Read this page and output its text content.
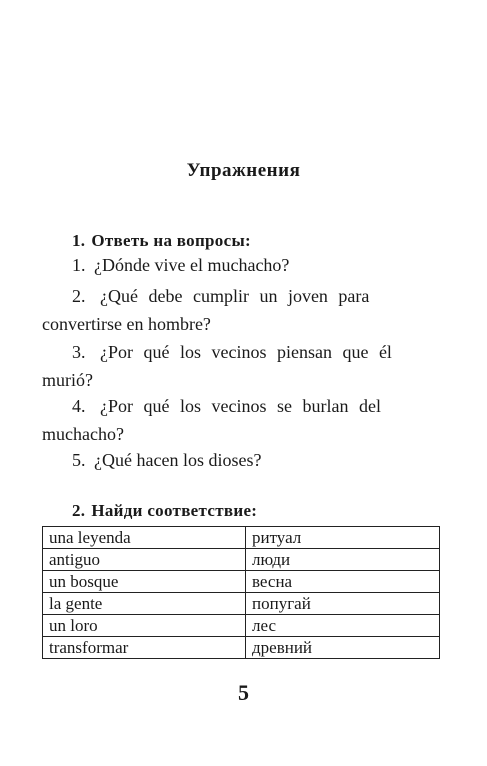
Упражнения
1. Ответь на вопросы:
1. ¿Dónde vive el muchacho?
2. ¿Qué debe cumplir un joven para
convertirse en hombre?
3. ¿Por qué los vecinos piensan que él
murió?
4. ¿Por qué los vecinos se burlan del
muchacho?
5. ¿Qué hacen los dioses?
2. Найди соответствие:
una leyenda	ритуал
antiguo	люди
un bosque	весна
la gente	попугай
un loro	лес
transformar	древний
5
